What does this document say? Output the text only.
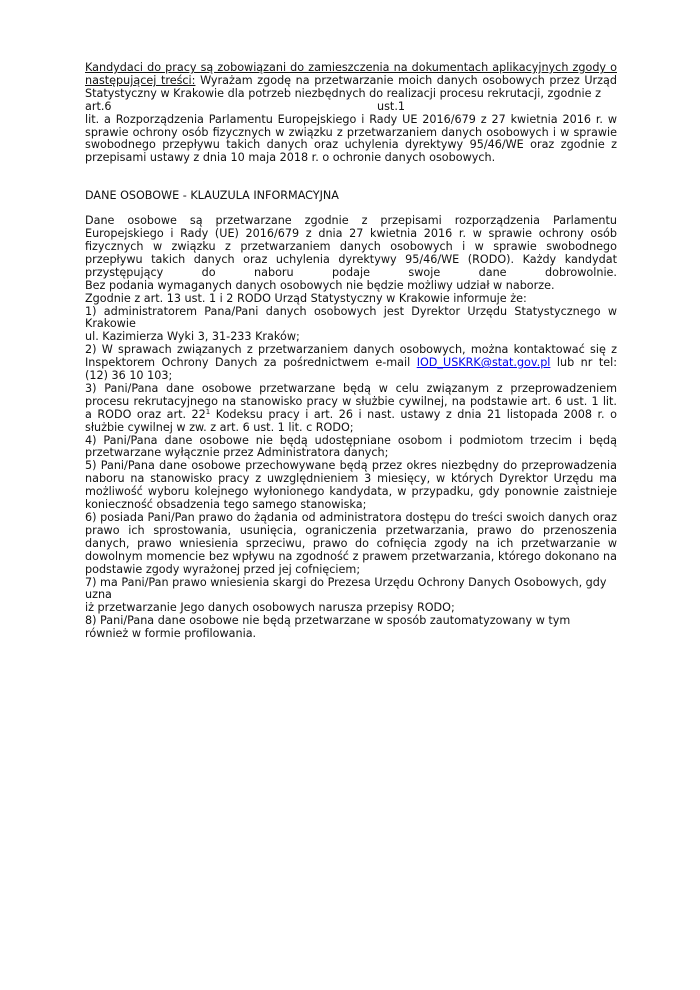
Kandydaci do pracy są zobowiązani do zamieszczenia na dokumentach aplikacyjnych zgody o następującej treści: Wyrażam zgodę na przetwarzanie moich danych osobowych przez Urząd Statystyczny w Krakowie dla potrzeb niezbędnych do realizacji procesu rekrutacji, zgodnie z

art.6	ust.1

lit. a Rozporządzenia Parlamentu Europejskiego i Rady UE 2016/679 z 27 kwietnia 2016 r. w sprawie ochrony osób fizycznych w związku z przetwarzaniem danych osobowych i w sprawie swobodnego przepływu takich danych oraz uchylenia dyrektywy 95/46/WE oraz zgodnie z przepisami ustawy z dnia 10 maja 2018 r. o ochronie danych osobowych.

DANE OSOBOWE - KLAUZULA INFORMACYJNA

Dane osobowe są przetwarzane zgodnie z przepisami rozporządzenia Parlamentu Europejskiego i Rady (UE) 2016/679 z dnia 27 kwietnia 2016 r. w sprawie ochrony osób fizycznych w związku z przetwarzaniem danych osobowych i w sprawie swobodnego przepływu takich danych oraz uchylenia dyrektywy 95/46/WE (RODO). Każdy kandydat przystępujący do naboru podaje swoje dane dobrowolnie.

Bez podania wymaganych danych osobowych nie będzie możliwy udział w naborze.

Zgodnie z art. 13 ust. 1 i 2 RODO Urząd Statystyczny w Krakowie informuje że:

1) administratorem Pana/Pani danych osobowych jest Dyrektor Urzędu Statystycznego w Krakowie

ul. Kazimierza Wyki 3, 31-233 Kraków;

2) W sprawach związanych z przetwarzaniem danych osobowych, można kontaktować się z Inspektorem Ochrony Danych za pośrednictwem e-mail IOD_USKRK@stat.gov.pl lub nr tel: (12) 36 10 103;

3) Pani/Pana dane osobowe przetwarzane będą w celu związanym z przeprowadzeniem procesu rekrutacyjnego na stanowisko pracy w służbie cywilnej, na podstawie art. 6 ust. 1 lit. a RODO oraz art. $22^1$ Kodeksu pracy i art. 26 i nast. ustawy z dnia 21 listopada 2008 r. o służbie cywilnej w zw. z art. 6 ust. 1 lit. c RODO;

4) Pani/Pana dane osobowe nie będą udostępniane osobom i podmiotom trzecim i będą przetwarzane wyłącznie przez Administratora danych;

5) Pani/Pana dane osobowe przechowywane będą przez okres niezbędny do przeprowadzenia naboru na stanowisko pracy z uwzględnieniem 3 miesięcy, w których Dyrektor Urzędu ma możliwość wyboru kolejnego wyłonionego kandydata, w przypadku, gdy ponownie zaistnieje konieczność obsadzenia tego samego stanowiska;

6) posiada Pani/Pan prawo do żądania od administratora dostępu do treści swoich danych oraz prawo ich sprostowania, usunięcia, ograniczenia przetwarzania, prawo do przenoszenia danych, prawo wniesienia sprzeciwu, prawo do cofnięcia zgody na ich przetwarzanie w dowolnym momencie bez wpływu na zgodność z prawem przetwarzania, którego dokonano na podstawie zgody wyrażonej przed jej cofnięciem;

7) ma Pani/Pan prawo wniesienia skargi do Prezesa Urzędu Ochrony Danych Osobowych, gdy uzna

iż przetwarzanie Jego danych osobowych narusza przepisy RODO;

8) Pani/Pana dane osobowe nie będą przetwarzane w sposób zautomatyzowany w tym również w formie profilowania.
